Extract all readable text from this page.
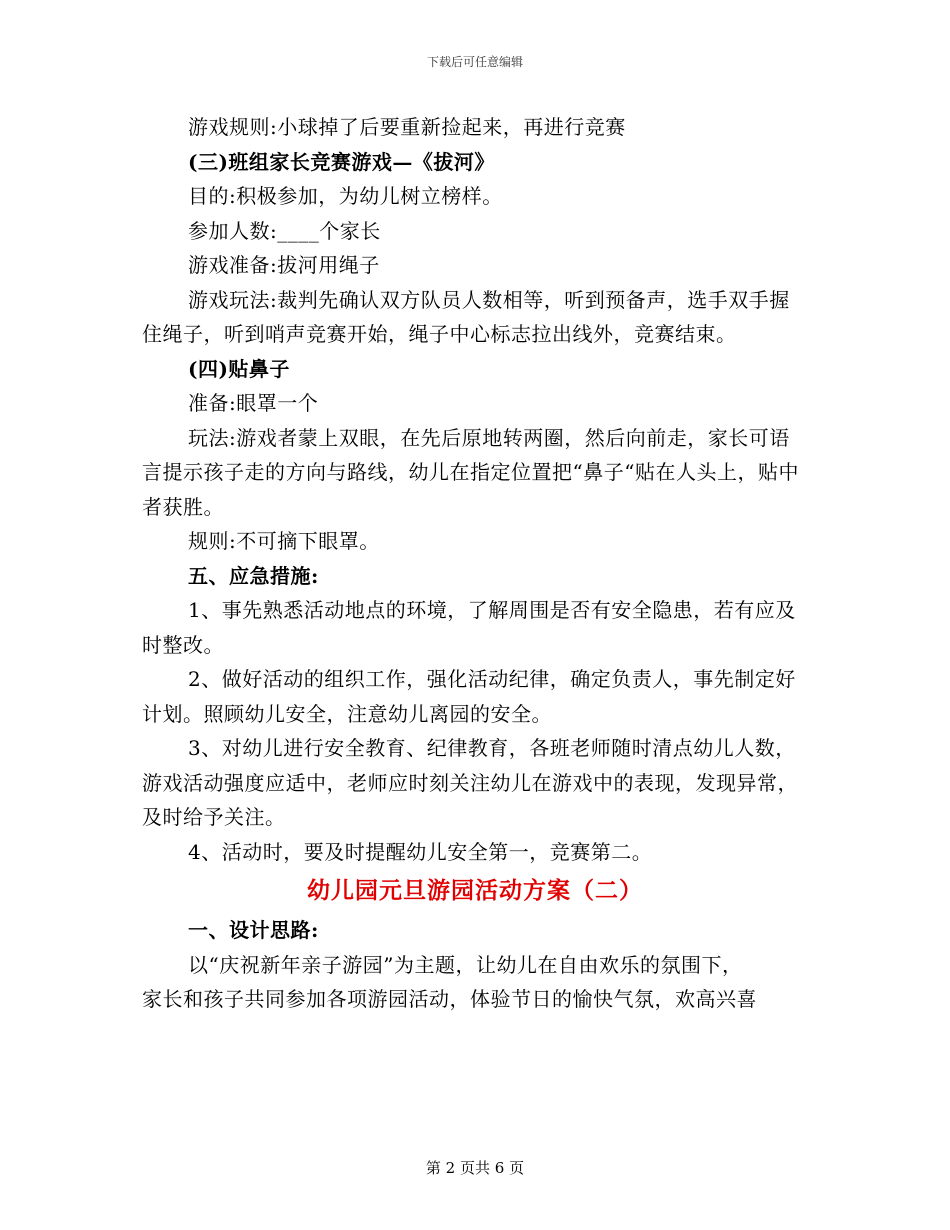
下载后可任意编辑

游戏规则:小球掉了后要重新捡起来，再进行竞赛

(三)班组家长竞赛游戏—《拔河》

目的:积极参加，为幼儿树立榜样。

参加人数:____个家长

游戏准备:拔河用绳子

游戏玩法:裁判先确认双方队员人数相等，听到预备声，选手双手握住绳子，听到哨声竞赛开始，绳子中心标志拉出线外，竞赛结束。

(四)贴鼻子

准备:眼罩一个

玩法:游戏者蒙上双眼，在先后原地转两圈，然后向前走，家长可语言提示孩子走的方向与路线，幼儿在指定位置把“鼻子“贴在人头上，贴中者获胜。

规则:不可摘下眼罩。

五、应急措施:

1、事先熟悉活动地点的环境，了解周围是否有安全隐患，若有应及时整改。

2、做好活动的组织工作，强化活动纪律，确定负责人，事先制定好计划。照顾幼儿安全，注意幼儿离园的安全。

3、对幼儿进行安全教育、纪律教育，各班老师随时清点幼儿人数，游戏活动强度应适中，老师应时刻关注幼儿在游戏中的表现，发现异常，及时给予关注。

4、活动时，要及时提醒幼儿安全第一，竞赛第二。

幼儿园元旦游园活动方案（二）

一、设计思路:

以“庆祝新年亲子游园”为主题，让幼儿在自由欢乐的氛围下，

家长和孩子共同参加各项游园活动，体验节日的愉快气氛，欢高兴喜

第 2 页共 6 页
